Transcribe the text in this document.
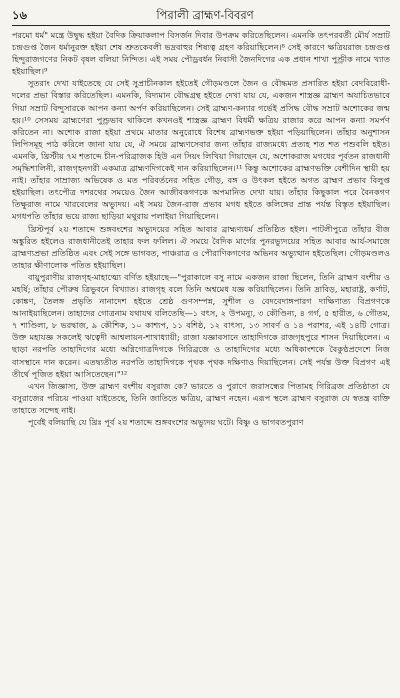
১৬	পিরালী ব্রাহ্মণ-বিবরণ

পরমো ধর্ম" মন্ত্রে উদ্বুদ্ধ হইয়া বৈদিক ক্রিয়াকলাপ বিসর্জন দিবার উপক্রম করিতেছিলেন। এমনকি তৎপরবর্তী মৌর্য সম্রাট চন্দ্রগুপ্ত জৈন ধর্মানুরক্ত হইয়া শেষ শ্রুতকেবলী ভদ্রবাহুর শিষ্যত্ব গ্রহণ করিয়াছিলেন।⁸ সেই কারণে ক্ষত্রিয়রাজ চন্দ্রগুপ্ত হিন্দুরাজগণের নিকট বৃষল বলিয়া নিন্দিত। এই সময় পৌড্রবর্ধন নিবাসী জৈনদিগের এক প্রধান শাখা পুণ্ড্রীক নামে খ্যাত হইয়াছিল।⁹

সুতরাং দেখা যাইতেছে যে সেই সুপ্রাচীনকাল হইতেই গৌড়মণ্ডলে জৈন ও বৌদ্ধমত প্রসারিত হইয়া বেদবিরোধী-দলের প্রভা বিস্তার করিতেছিল। এমনকি, বিদ্যমান বৌদ্ধগ্রন্থ হইতে দেখা যায় যে, একজন শাস্ত্রজ্ঞ ব্রাহ্মণ অযাচিতভাবে গিয়া সম্রাট বিন্দুসারকে আপন কন্যা অর্পণ করিয়াছিলেন। সেই ব্রাহ্মণ-কন্যার গর্ভেই প্রসিদ্ধ বৌদ্ধ সম্রাট অশোকের জন্ম হয়।¹⁰ সেসময় ব্রাহ্মণেরা পুণ্ড্রভাব থাকিলে কখনওই শাস্ত্রজ্ঞ ব্রাহ্মণ বিধর্মী ক্ষত্রিয় রাজার করে আপন কন্যা সমর্পণ করিতেন না। অশোক রাজা হইয়া প্রথমে মাতার অনুরোধে বিশেষ ব্রাহ্মণভক্ত হইয়া পড়িয়াছিলেন। তাঁহার অনুশাসন লিপিসমূহ পাঠ করিলে জানা যায় যে, ঐ সময়ে ব্রাহ্মণসেবার জন্য তাঁহার রাজ্যমধ্যে প্রত্যহ শত শত পশুবলি হইত। এমনকি, খ্রিস্টীয় ৭ম শতাব্দে চীন-পরিব্রাজক হিউ এন সিয়ং লিখিয়া গিয়াছেন যে, অশোকরাজ মগধের পূর্বতন রাজধানী সমৃদ্ধিশালিনী, রাজগৃহনগরী একমাত্র ব্রাহ্মণদিগকেই দান করিয়াছিলেন।¹¹ কিন্তু অশোকের ব্রাহ্মণভক্তি বেশীদিন স্থায়ী হয় নাই। তাঁহার সাম্রাজ্য অভিষেক ও মত পরিবর্তনের সহিত গৌড়, বঙ্গ ও উৎকল হইতে অগত ব্রাহ্মণ প্রভাব বিলুপ্ত হইয়াছিল। তৎপৌত্র দশরথের সময়েও জৈন আজীবকগণকে অপমানিত দেখা যায়। তাঁহার কিছুকাল পরে বৈনকগণ তিক্ষুরাজ নামে খারবেলের অভ্যুদয়। এই সময় জৈন-রাজ প্রভাব মগধ হইতে কলিঙ্গের প্রান্ত পর্যন্ত বিস্তৃত হইয়াছিল। মগধপতি তাঁহার ভয়ে রাজ্য ছাড়িয়া মথুরায় পলাইয়া গিয়াছিলেন।

খ্রিস্টপূর্ব ২য় শতাব্দে শুঙ্গবংশের অভ্যুদয়ের সহিত আবার ব্রাহ্মণ্যধর্ম প্রতিষ্ঠিত হইল। পাটলীপুত্রে তাঁহার বীজ অঙ্কুরিত হইলেও রাজধানীতেই তাহার ফল ফলিল। ঐ সময়ে বৈদিক মার্গের পুনরভ্যুদয়ের সহিত আবার আর্য-সমাজে ব্রাহ্মণ্যপ্রভা প্রতিষ্ঠিত এবং সেই সঙ্গে ভাগবত, পাঞ্চরাত্র ও পৌরাণিকগণের অভিনব অভ্যুত্থান হইতেছিল। গৌড়মণ্ডলও তাহার ক্ষীণালোক পতিত হইয়াছিল।

বায়ুপুরাণীয় রাজগৃহ-মাহাত্ম্যে বর্ণিত হইয়াছে—"পুরাকালে বসু নামে একজন রাজা ছিলেন, তিনি ব্রাহ্মণ বংশীয় ও মহর্ষি; তাঁহার পৌরুষ ত্রিভুবনে বিখ্যাত। রাজগৃহ বলে তিনি অশ্বমেধ যজ্ঞ করিয়াছিলেন। তিনি দ্রাবিড়, মহারাষ্ট্র, কর্ণাট, কোঙ্কণ, তৈলঙ্গ প্রভৃতি নানাদেশ হইতে শ্রেষ্ঠ গুণসম্পন্ন, সুশীল ও বেদবেদাঙ্গপারগ দাক্ষিণাত্য বিপ্রগণকে আনাইয়াছিলেন। তাহাদের গোত্রনাম যথাযথ বলিতেছি—১ বৎস, ২ উপমন্যু, ৩ কৌণ্ডিন্য, ৪ গর্গ, ৫ হারীত, ৬ গৌতম, ৭ শাণ্ডিল্য, ৮ ভরদ্বাজ, ৯ কৌশিক, ১০ কাশ্যপ, ১১ বশিষ্ঠ, ১২ বাৎস্য, ১৩ সাবর্ণ ও ১৪ পরাশর, এই ১৪টি গোত্র। উক্ত মহাযজ্ঞ সকলেই ঋত্বেদী আশ্বলায়ন-শাখাধ্যায়ী; রাজা যজ্ঞাবসানে তাহাদিগকে রাজগৃহপুরে শাসন দিয়াছিলেন। এ ছাড়া নরপতি তাহাদিগের মধ্যে অগ্নিগোত্রদিগকে গিরিব্রজে ও তাহাদিগের মধ্যে অধিকাংশকে বৈকুণ্ঠপ্রদেশে নিজ বাসস্থানে দান করেন। এতদ্ব্যতীত নরপতি তাহাদিগকে পৃথক পৃথক দক্ষিণাও দিয়াছিলেন। সেই পর্যন্ত উক্ত বিপ্রগণ এই তীর্থে পূজিত হইয়া আসিতেছেন।"¹²

এখন জিজ্ঞাস্য, উক্ত ব্রাহ্মণ বংশীয় বসুরাজ কে? ভারতে ও পুরাণে জরাসন্ধের পিতামহ গিরিব্রজ প্রতিষ্ঠাতা যে বসুরাজের পরিচয় পাওয়া যাইতেছে, তিনি জাতিতে ক্ষত্রিয়, ব্রাহ্মণ নহেন। এরূপ স্থলে ব্রাহ্মণ বসুরাজ যে স্বতন্ত্র ব্যক্তি তাহাতে সন্দেহ নাই।

পূর্বেই বলিয়াছি যে খ্রিঃ পূর্ব ২য় শতাব্দে শুঙ্গবংশের অভ্যুদয় ঘটে। বিষ্ণু ও ভাগবতপুরাণ
